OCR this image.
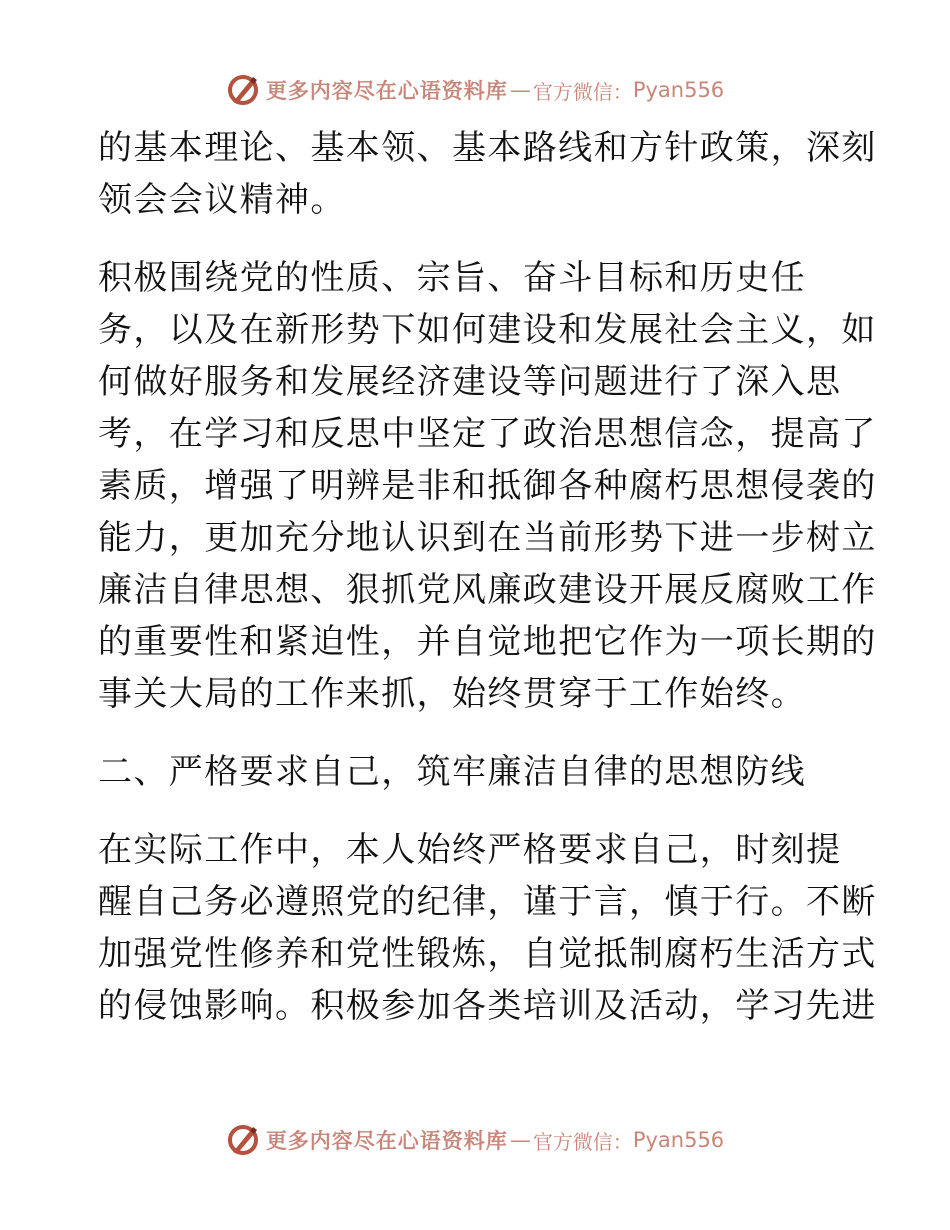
更多内容尽在心语资料库 — 官方微信： Pyan556
的基本理论、基本领、基本路线和方针政策，深刻
领会会议精神。
积极围绕党的性质、宗旨、奋斗目标和历史任
务，以及在新形势下如何建设和发展社会主义，如
何做好服务和发展经济建设等问题进行了深入思
考，在学习和反思中坚定了政治思想信念，提高了
素质，增强了明辨是非和抵御各种腐朽思想侵袭的
能力，更加充分地认识到在当前形势下进一步树立
廉洁自律思想、狠抓党风廉政建设开展反腐败工作
的重要性和紧迫性，并自觉地把它作为一项长期的
事关大局的工作来抓，始终贯穿于工作始终。
二、严格要求自己，筑牢廉洁自律的思想防线
在实际工作中，本人始终严格要求自己，时刻提
醒自己务必遵照党的纪律，谨于言，慎于行。不断
加强党性修养和党性锻炼，自觉抵制腐朽生活方式
的侵蚀影响。积极参加各类培训及活动，学习先进
更多内容尽在心语资料库 — 官方微信： Pyan556
